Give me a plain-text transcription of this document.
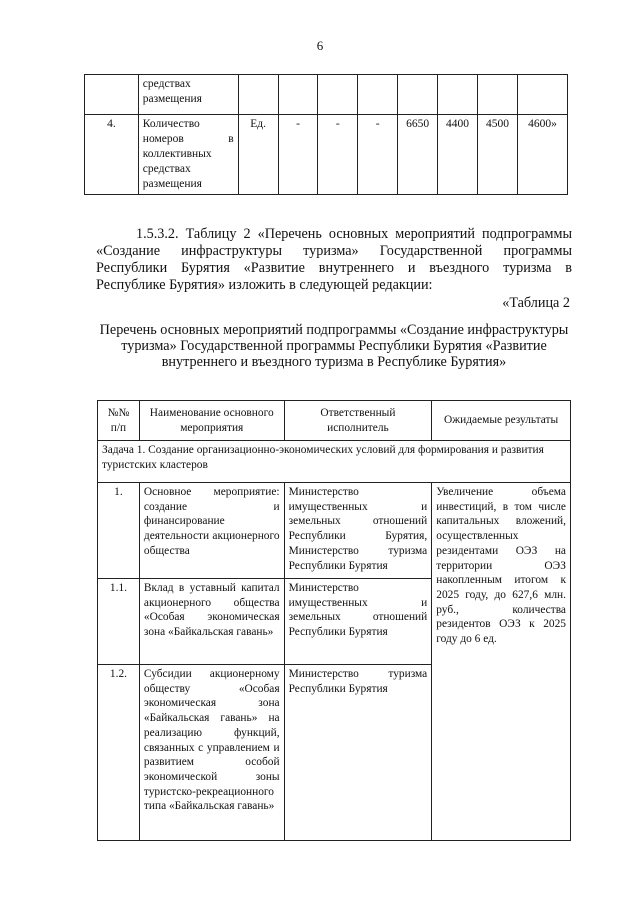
6
	средствах размещения								
4.	Количество номеров в коллективных средствах размещения	Ед.	-	-	-	6650	4400	4500	4600»
1.5.3.2. Таблицу 2 «Перечень основных мероприятий подпрограммы «Создание инфраструктуры туризма» Государственной программы Республики Бурятия «Развитие внутреннего и въездного туризма в Республике Бурятия» изложить в следующей редакции:
«Таблица 2
Перечень основных мероприятий подпрограммы «Создание инфраструктуры туризма» Государственной программы Республики Бурятия «Развитие внутреннего и въездного туризма в Республике Бурятия»
№№ п/п	Наименование основного мероприятия	Ответственный исполнитель	Ожидаемые результаты
Задача 1. Создание организационно-экономических условий для формирования и развития туристских кластеров			
1.	Основное мероприятие: создание и финансирование деятельности акционерного общества	Министерство имущественных и земельных отношений Республики Бурятия, Министерство туризма Республики Бурятия	Увеличение объема инвестиций, в том числе капитальных вложений, осуществленных резидентами ОЭЗ на территории ОЭЗ накопленным итогом к 2025 году, до 627,6 млн. руб., количества резидентов ОЭЗ к 2025 году до 6 ед.
1.1.	Вклад в уставный капитал акционерного общества «Особая экономическая зона «Байкальская гавань»	Министерство имущественных и земельных отношений Республики Бурятия	
1.2.	Субсидии акционерному обществу «Особая экономическая зона «Байкальская гавань» на реализацию функций, связанных с управлением и развитием особой экономической зоны туристско-рекреационного типа «Байкальская гавань»	Министерство туризма Республики Бурятия	
